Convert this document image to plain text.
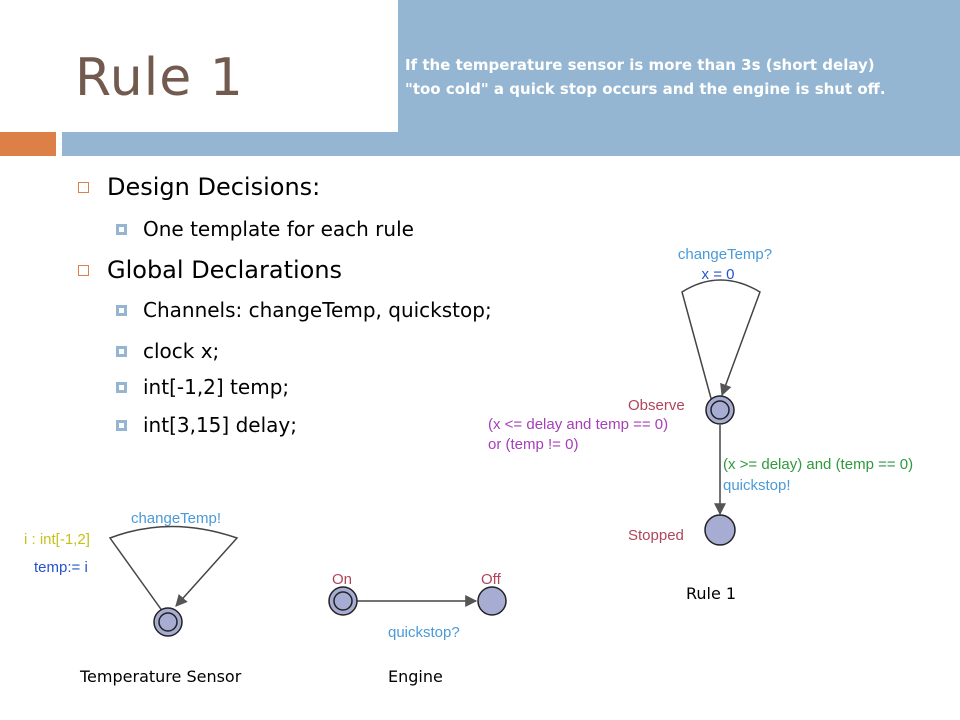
Rule 1	If the temperature sensor is more than 3s (short delay)
"too cold" a quick stop occurs and the engine is shut off.
Design Decisions:
One template for each rule
Global Declarations
Channels: changeTemp, quickstop;
clock x;
int[-1,2] temp;
int[3,15] delay;
changeTemp?
x = 0
Observe
(x <= delay and temp == 0)
or (temp != 0)
(x >= delay) and (temp == 0)
quickstop!
Stopped
changeTemp!
i : int[-1,2]
temp:= i
On	Off
quickstop?
Rule 1
Temperature Sensor	Engine
